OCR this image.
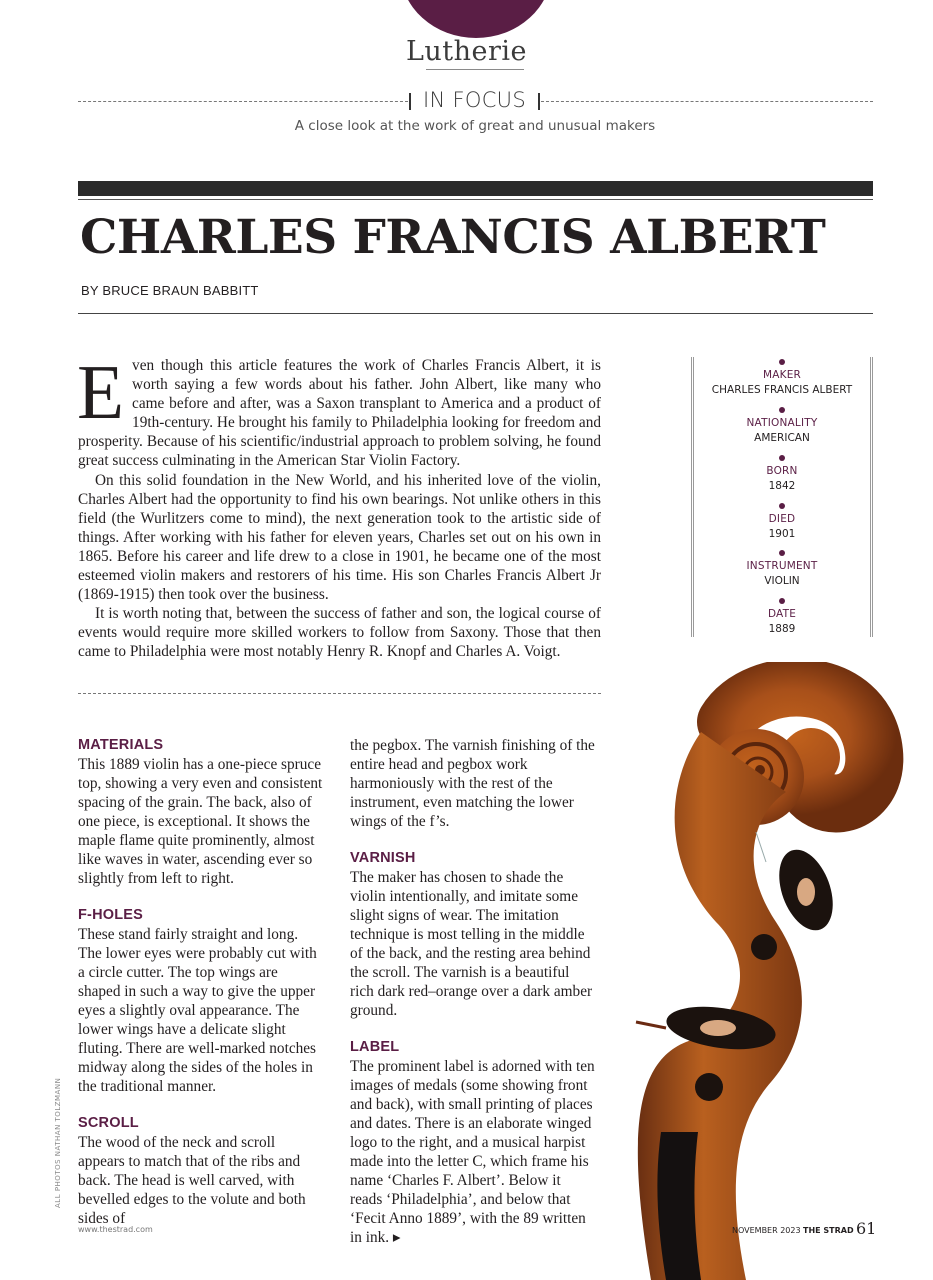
Lutherie
IN FOCUS
A close look at the work of great and unusual makers
CHARLES FRANCIS ALBERT
BY BRUCE BRAUN BABBITT

Even though this article features the work of Charles Francis Albert, it is worth saying a few words about his father. John Albert, like many who came before and after, was a Saxon transplant to America and a product of 19th-century. He brought his family to Philadelphia looking for freedom and prosperity. Because of his scientific/industrial approach to problem solving, he found great success culminating in the American Star Violin Factory.

On this solid foundation in the New World, and his inherited love of the violin, Charles Albert had the opportunity to find his own bearings. Not unlike others in this field (the Wurlitzers come to mind), the next generation took to the artistic side of things. After working with his father for eleven years, Charles set out on his own in 1865. Before his career and life drew to a close in 1901, he became one of the most esteemed violin makers and restorers of his time. His son Charles Francis Albert Jr (1869-1915) then took over the business.

It is worth noting that, between the success of father and son, the logical course of events would require more skilled workers to follow from Saxony. Those that then came to Philadelphia were most notably Henry R. Knopf and Charles A. Voigt.

MAKER
CHARLES FRANCIS ALBERT
NATIONALITY
AMERICAN
BORN
1842
DIED
1901
INSTRUMENT
VIOLIN
DATE
1889
MATERIALS
This 1889 violin has a one-piece spruce top, showing a very even and consistent spacing of the grain. The back, also of one piece, is exceptional. It shows the maple flame quite prominently, almost like waves in water, ascending ever so slightly from left to right.
F-HOLES
These stand fairly straight and long. The lower eyes were probably cut with a circle cutter. The top wings are shaped in such a way to give the upper eyes a slightly oval appearance. The lower wings have a delicate slight fluting. There are well-marked notches midway along the sides of the holes in the traditional manner.
SCROLL
The wood of the neck and scroll appears to match that of the ribs and back. The head is well carved, with bevelled edges to the volute and both sides of
the pegbox. The varnish finishing of the entire head and pegbox work harmoniously with the rest of the instrument, even matching the lower wings of the f’s.
VARNISH
The maker has chosen to shade the violin intentionally, and imitate some slight signs of wear. The imitation technique is most telling in the middle of the back, and the resting area behind the scroll. The varnish is a beautiful rich dark red–orange over a dark amber ground.
LABEL
The prominent label is adorned with ten images of medals (some showing front and back), with small printing of places and dates. There is an elaborate winged logo to the right, and a musical harpist made into the letter C, which frame his name ‘Charles F. Albert’. Below it reads ‘Philadelphia’, and below that ‘Fecit Anno 1889’, with the 89 written in ink. ▸
ALL PHOTOS NATHAN TOLZMANN
www.thestrad.com	NOVEMBER 2023 THE STRAD 61
